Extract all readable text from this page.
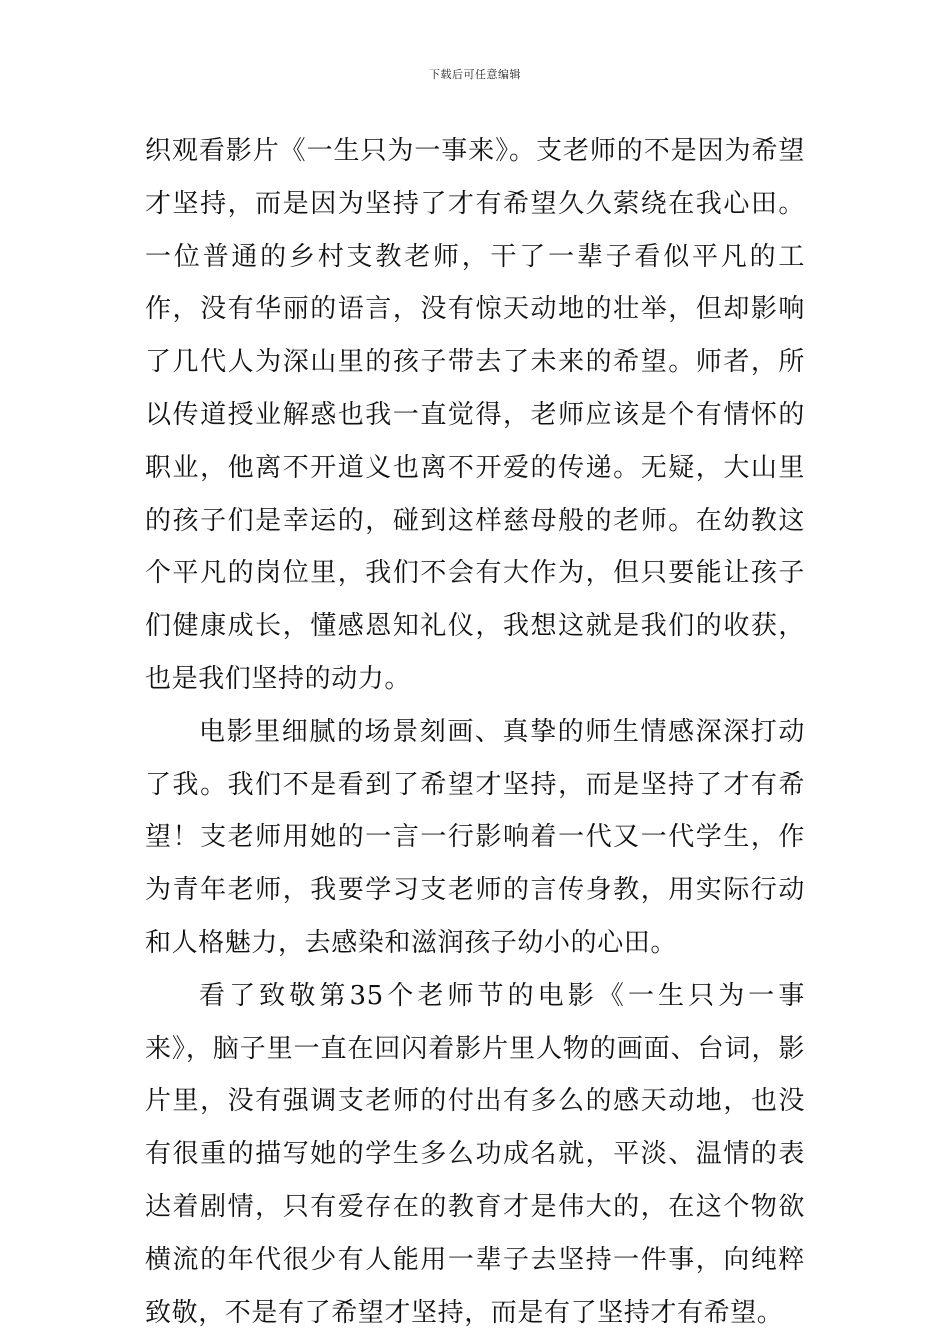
下载后可任意编辑

织观看影片《一生只为一事来》。支老师的不是因为希望才坚持，而是因为坚持了才有希望久久萦绕在我心田。一位普通的乡村支教老师，干了一辈子看似平凡的工作，没有华丽的语言，没有惊天动地的壮举，但却影响了几代人为深山里的孩子带去了未来的希望。师者，所以传道授业解惑也我一直觉得，老师应该是个有情怀的职业，他离不开道义也离不开爱的传递。无疑，大山里的孩子们是幸运的，碰到这样慈母般的老师。在幼教这个平凡的岗位里，我们不会有大作为，但只要能让孩子们健康成长，懂感恩知礼仪，我想这就是我们的收获，也是我们坚持的动力。

电影里细腻的场景刻画、真挚的师生情感深深打动了我。我们不是看到了希望才坚持，而是坚持了才有希望！支老师用她的一言一行影响着一代又一代学生，作为青年老师，我要学习支老师的言传身教，用实际行动和人格魅力，去感染和滋润孩子幼小的心田。

看了致敬第35个老师节的电影《一生只为一事来》，脑子里一直在回闪着影片里人物的画面、台词，影片里，没有强调支老师的付出有多么的感天动地，也没有很重的描写她的学生多么功成名就，平淡、温情的表达着剧情，只有爱存在的教育才是伟大的，在这个物欲横流的年代很少有人能用一辈子去坚持一件事，向纯粹致敬，不是有了希望才坚持，而是有了坚持才有希望。
